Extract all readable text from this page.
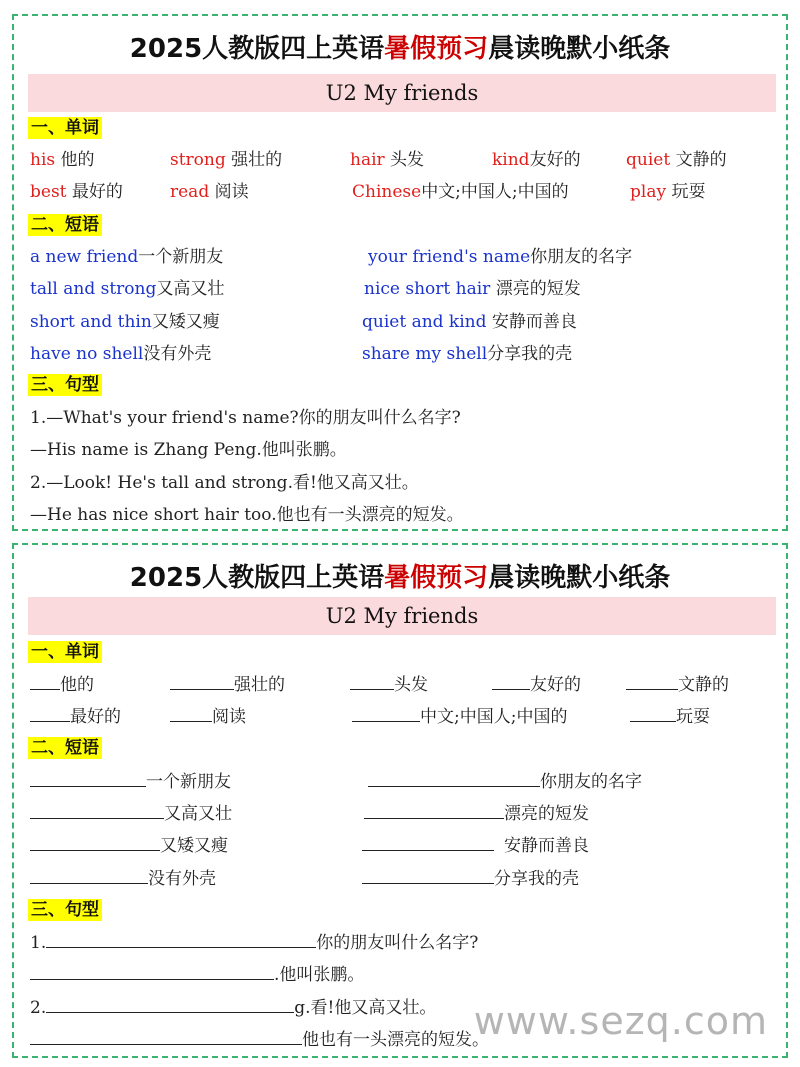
2025人教版四上英语暑假预习晨读晚默小纸条
U2 My friends
一、单词
his 他的	strong 强壮的	hair 头发	kind友好的	quiet 文静的
best 最好的	read 阅读	Chinese中文;中国人;中国的	play 玩耍
二、短语
a new friend一个新朋友	your friend's name你朋友的名字
tall and strong又高又壮	nice short hair 漂亮的短发
short and thin又矮又瘦	quiet and kind 安静而善良
have no shell没有外壳	share my shell分享我的壳
三、句型
1.—What's your friend's name?你的朋友叫什么名字?
—His name is Zhang Peng.他叫张鹏。
2.—Look! He's tall and strong.看!他又高又壮。
—He has nice short hair too.他也有一头漂亮的短发。
2025人教版四上英语暑假预习晨读晚默小纸条
U2 My friends
一、单词
他的	强壮的	头发	友好的	文静的
最好的	阅读	中文;中国人;中国的	玩耍
二、短语
一个新朋友	你朋友的名字
又高又壮	漂亮的短发
又矮又瘦	安静而善良
没有外壳	分享我的壳
三、句型
1.	你的朋友叫什么名字?
.他叫张鹏。
2.	g.看!他又高又壮。
他也有一头漂亮的短发。
www.sezq.com
